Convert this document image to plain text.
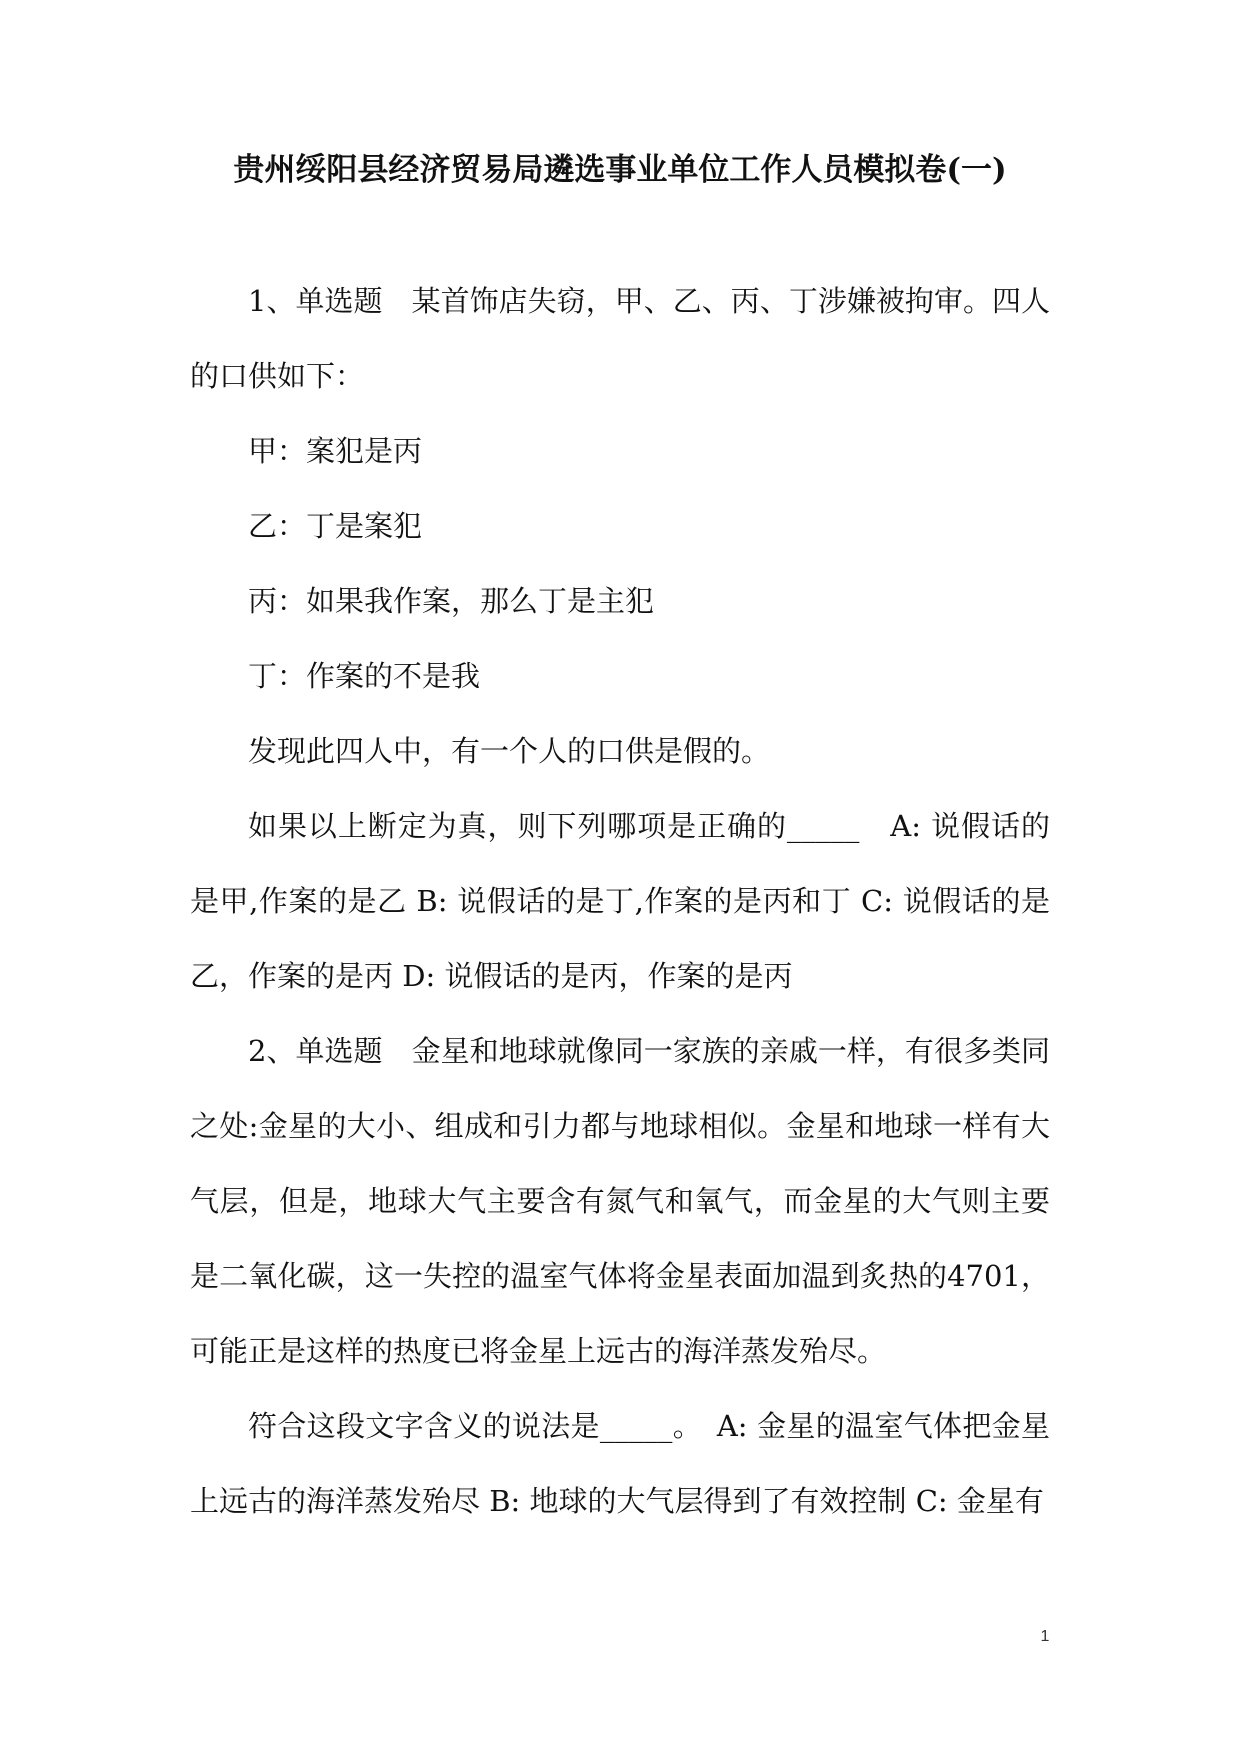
贵州绥阳县经济贸易局遴选事业单位工作人员模拟卷(一)

1、单选题　某首饰店失窃，甲、乙、丙、丁涉嫌被拘审。四人的口供如下：

甲：案犯是丙

乙：丁是案犯

丙：如果我作案，那么丁是主犯

丁：作案的不是我

发现此四人中，有一个人的口供是假的。

如果以上断定为真，则下列哪项是正确的_____　A: 说假话的是甲,作案的是乙 B: 说假话的是丁,作案的是丙和丁 C: 说假话的是乙，作案的是丙 D: 说假话的是丙，作案的是丙

2、单选题　金星和地球就像同一家族的亲戚一样，有很多类同之处:金星的大小、组成和引力都与地球相似。金星和地球一样有大气层，但是，地球大气主要含有氮气和氧气，而金星的大气则主要是二氧化碳，这一失控的温室气体将金星表面加温到炙热的4701，可能正是这样的热度已将金星上远古的海洋蒸发殆尽。

符合这段文字含义的说法是_____。　A: 金星的温室气体把金星上远古的海洋蒸发殆尽 B: 地球的大气层得到了有效控制 C: 金星有

1
